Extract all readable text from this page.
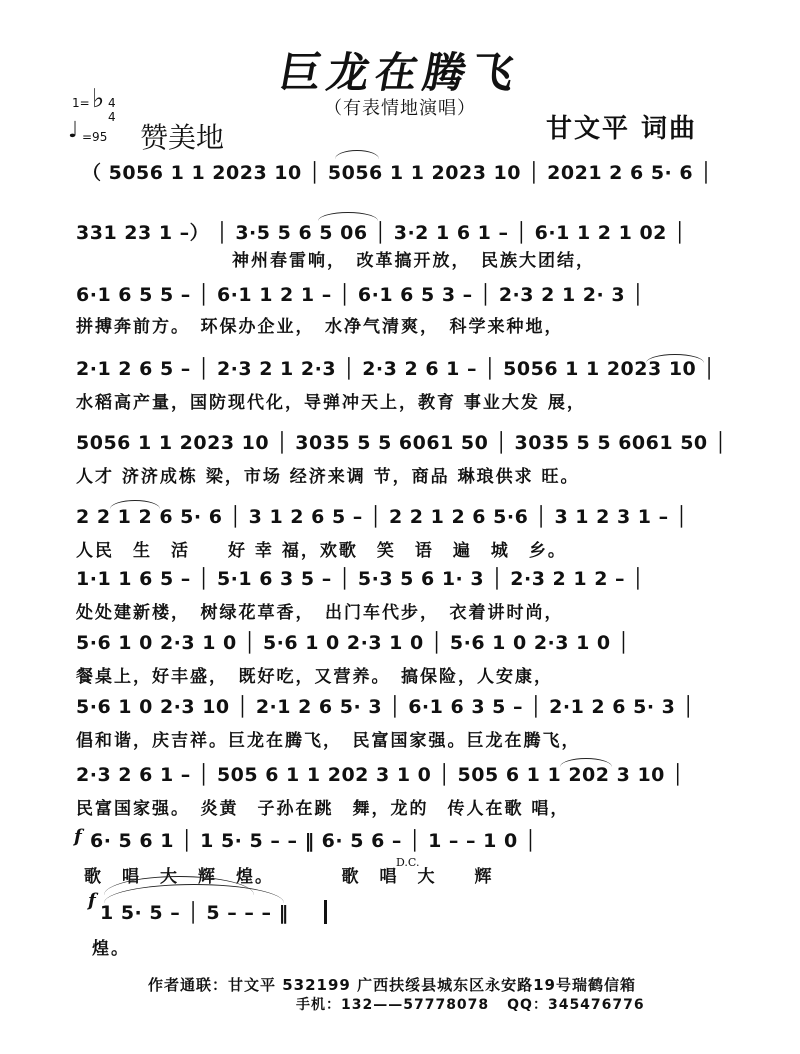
巨龙在腾飞
（有表情地演唱）
甘文平 词曲
1= ♭ 4
4
♩ =95 赞美地
（ 5056 1 1 2023 10 │ 5056 1 1 2023 10 │ 2021 2 6 5· 6 │
331 23 1 –） │ 3·5 5 6 5 06 │ 3·2 1 6 1 – │ 6·1 1 2 1 02 │
神州春雷响，　改革搞开放，　民族大团结，
6·1 6 5 5 – │ 6·1 1 2 1 – │ 6·1 6 5 3 – │ 2·3 2 1 2· 3 │
拼搏奔前方。　环保办企业，　水净气清爽，　科学来种地，
2·1 2 6 5 – │ 2·3 2 1 2·3 │ 2·3 2 6 1 – │ 5056 1 1 2023 10 │
水稻高产量，国防现代化，导弹冲天上，教育 事业大发 展，
5056 1 1 2023 10 │ 3035 5 5 6061 50 │ 3035 5 5 6061 50 │
人才 济济成栋 梁，市场 经济来调 节，商品 琳琅供求 旺。
2 2 1 2 6 5· 6 │ 3 1 2 6 5 – │ 2 2 1 2 6 5·6 │ 3 1 2 3 1 – │
人民　生　活　　好 幸 福，欢歌　笑　语　遍　城　乡。
1·1 1 6 5 – │ 5·1 6 3 5 – │ 5·3 5 6 1· 3 │ 2·3 2 1 2 – │
处处建新楼，　树绿花草香，　出门车代步，　衣着讲时尚，
5·6 1 0 2·3 1 0 │ 5·6 1 0 2·3 1 0 │ 5·6 1 0 2·3 1 0 │
餐桌上，好丰盛，　既好吃，又营养。　搞保险，人安康，
5·6 1 0 2·3 10 │ 2·1 2 6 5· 3 │ 6·1 6 3 5 – │ 2·1 2 6 5· 3 │
倡和谐，庆吉祥。巨龙在腾飞，　民富国家强。巨龙在腾飞，
2·3 2 6 1 – │ 505 6 1 1 202 3 1 0 │ 505 6 1 1 202 3 10 │
民富国家强。　炎黄　子孙在跳　舞，龙的　传人在歌 唱，
f 6· 5 6 1 │ 1 5· 5 – – ‖ 6· 5 6 – │ 1 – – 1 0 │
D.C.
歌　唱　大　辉　煌。　　　　歌　唱　大　　辉
f
1 5· 5 – │ 5 – – – ‖
煌。
作者通联：甘文平 532199 广西扶绥县城东区永安路19号瑞鹤信箱
手机：132——57778078 QQ：345476776
